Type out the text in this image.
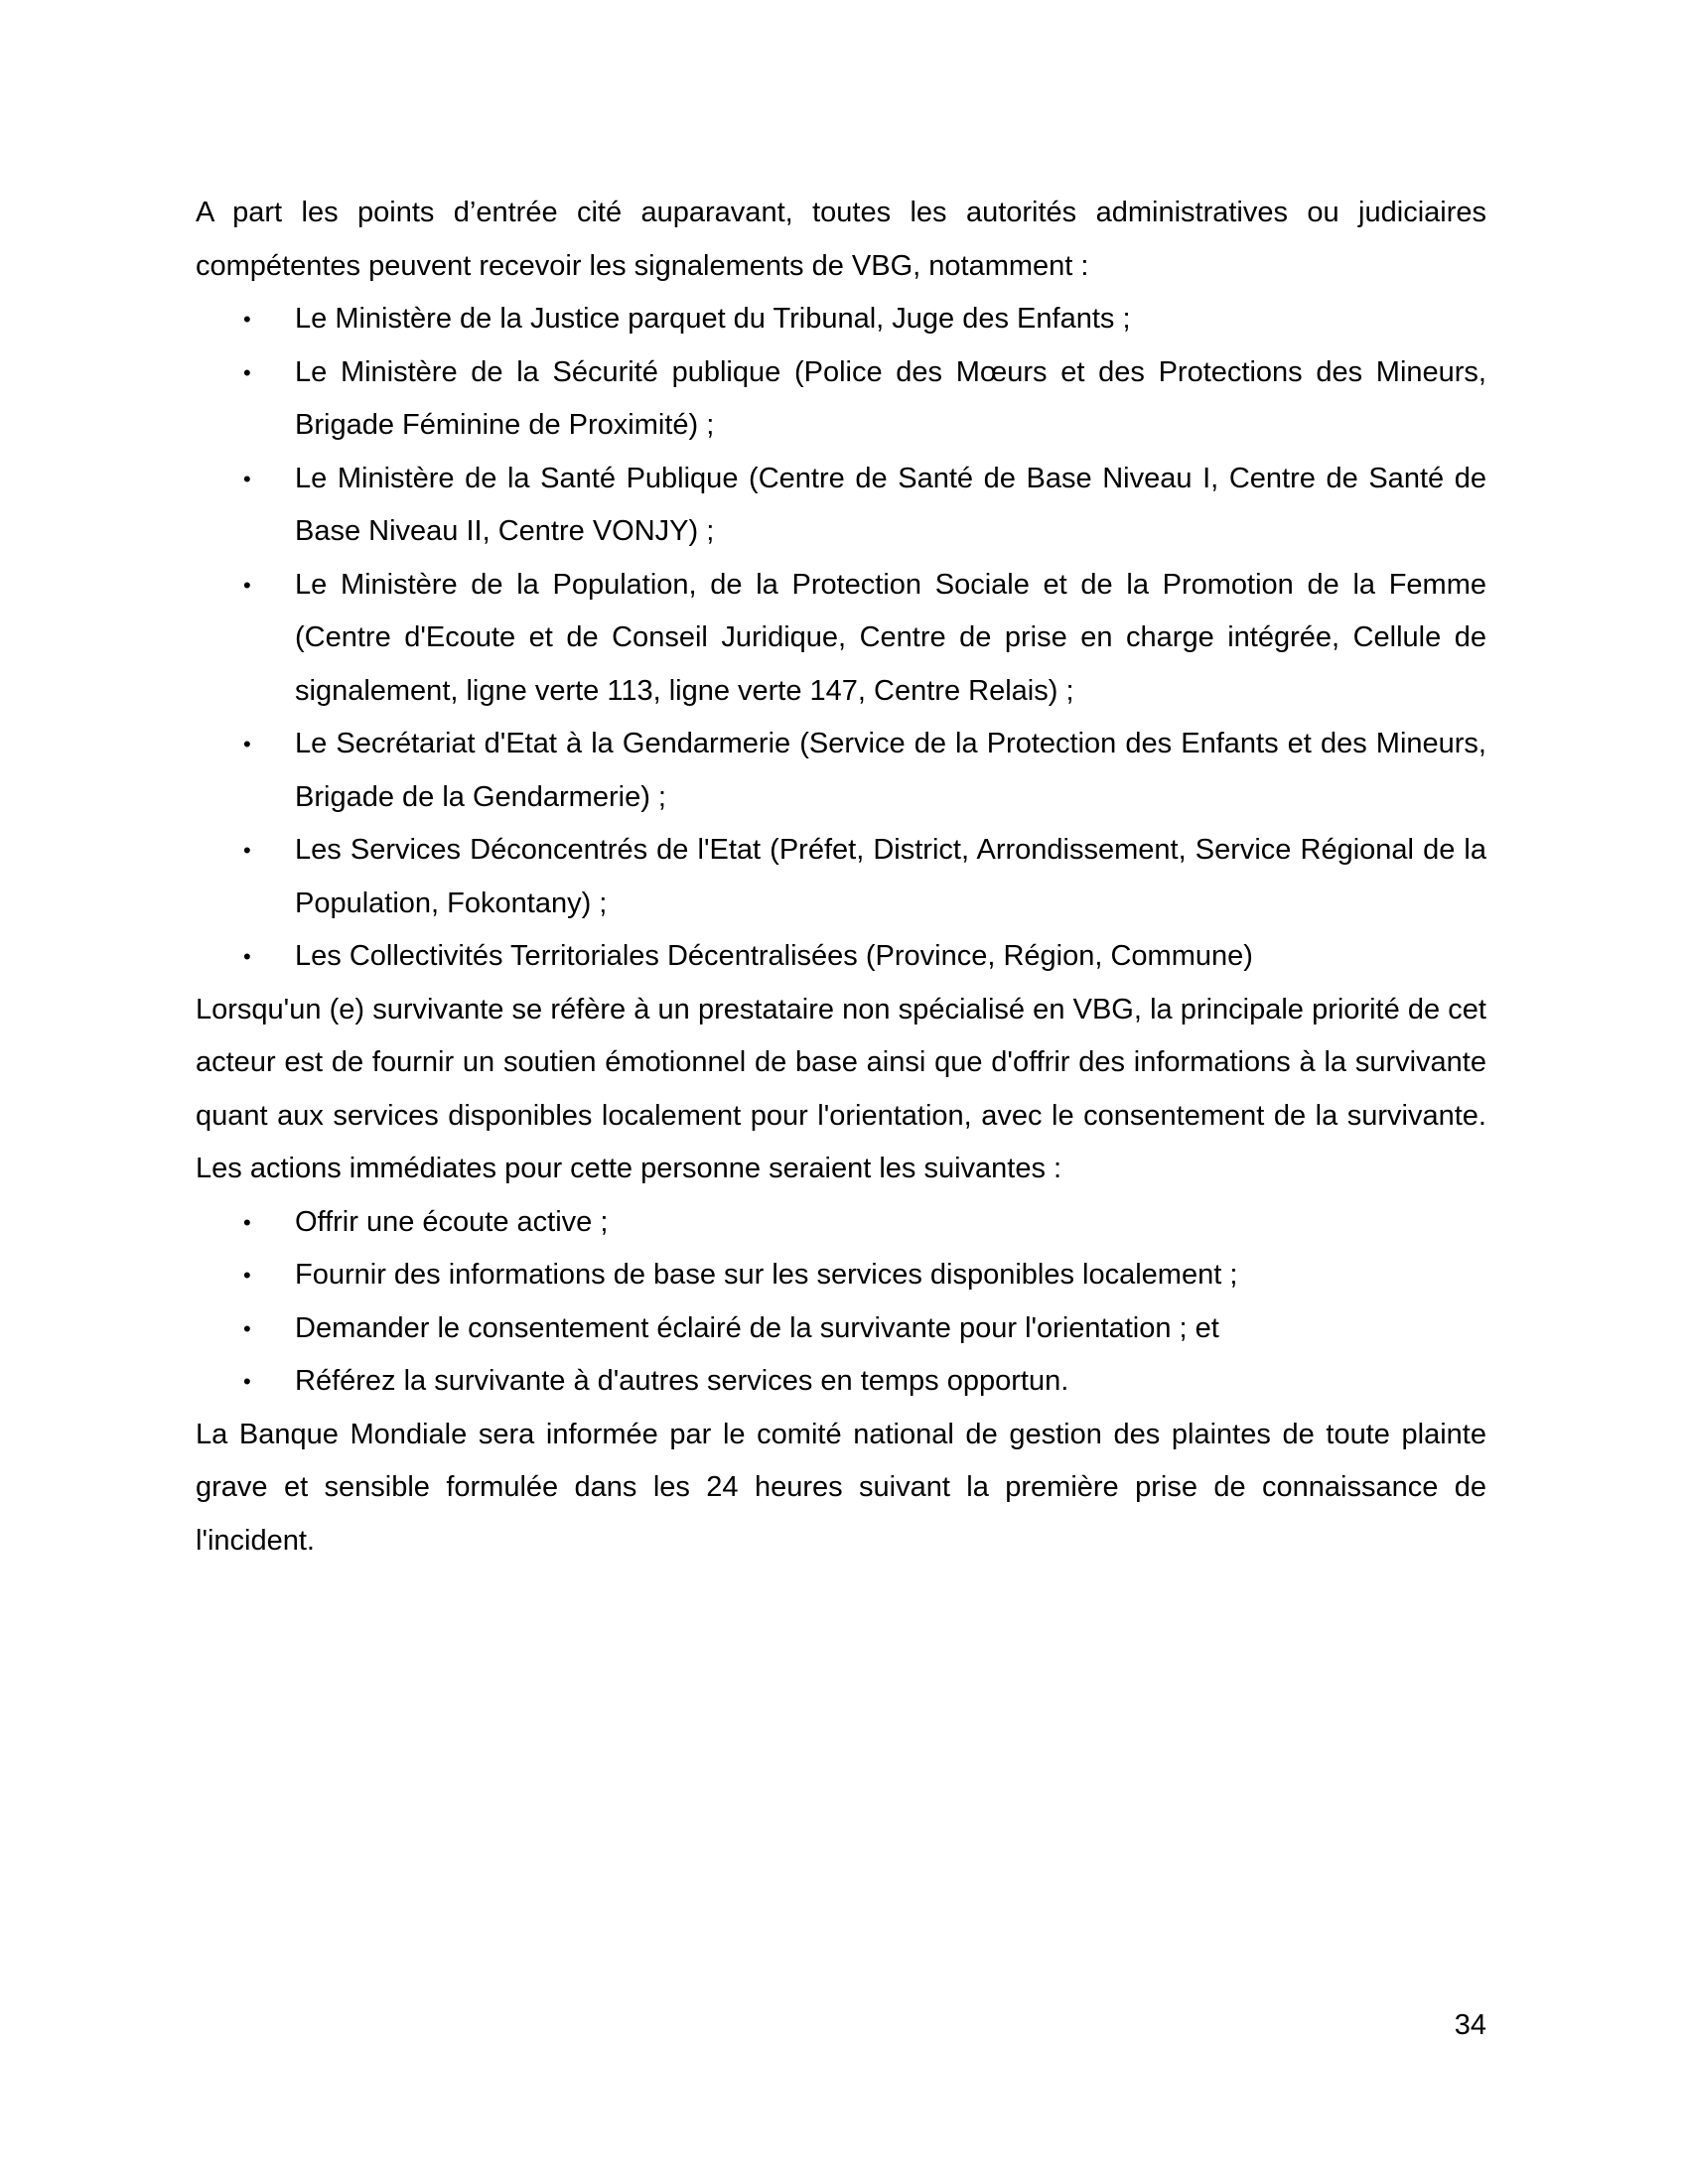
A part les points d’entrée cité auparavant, toutes les autorités administratives ou judiciaires compétentes peuvent recevoir les signalements de VBG, notamment :

• Le Ministère de la Justice parquet du Tribunal, Juge des Enfants ;
• Le Ministère de la Sécurité publique (Police des Mœurs et des Protections des Mineurs, Brigade Féminine de Proximité) ;
• Le Ministère de la Santé Publique (Centre de Santé de Base Niveau I, Centre de Santé de Base Niveau II, Centre VONJY) ;
• Le Ministère de la Population, de la Protection Sociale et de la Promotion de la Femme (Centre d'Ecoute et de Conseil Juridique, Centre de prise en charge intégrée, Cellule de signalement, ligne verte 113, ligne verte 147, Centre Relais) ;
• Le Secrétariat d'Etat à la Gendarmerie (Service de la Protection des Enfants et des Mineurs, Brigade de la Gendarmerie) ;
• Les Services Déconcentrés de l'Etat (Préfet, District, Arrondissement, Service Régional de la Population, Fokontany) ;
• Les Collectivités Territoriales Décentralisées (Province, Région, Commune)

Lorsqu'un (e) survivante se réfère à un prestataire non spécialisé en VBG, la principale priorité de cet acteur est de fournir un soutien émotionnel de base ainsi que d'offrir des informations à la survivante quant aux services disponibles localement pour l'orientation, avec le consentement de la survivante. Les actions immédiates pour cette personne seraient les suivantes :

• Offrir une écoute active ;
• Fournir des informations de base sur les services disponibles localement ;
• Demander le consentement éclairé de la survivante pour l'orientation ; et
• Référez la survivante à d'autres services en temps opportun.

La Banque Mondiale sera informée par le comité national de gestion des plaintes de toute plainte grave et sensible formulée dans les 24 heures suivant la première prise de connaissance de l'incident.

34
